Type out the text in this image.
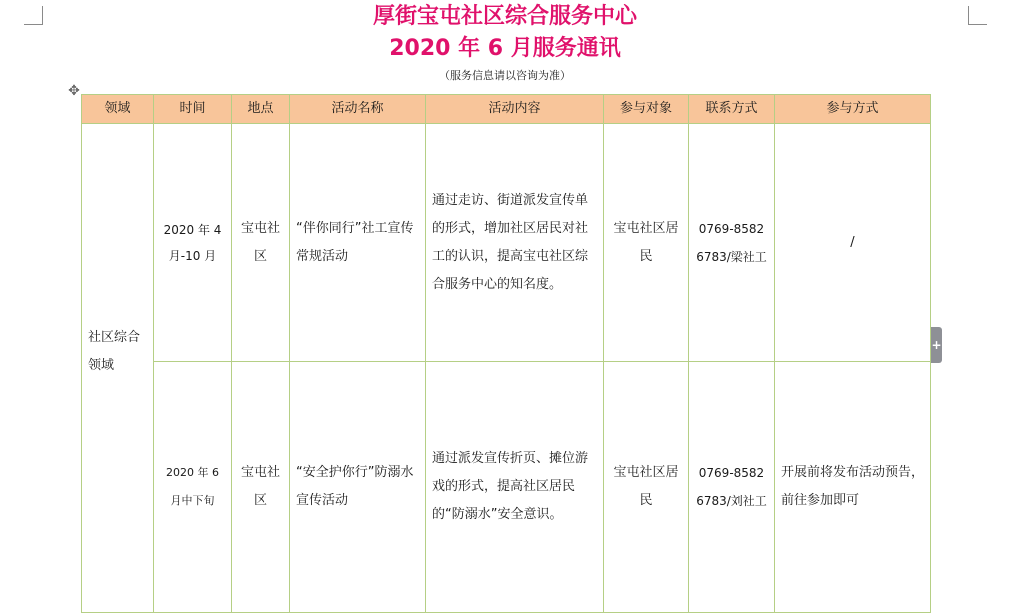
厚街宝屯社区综合服务中心
2020 年 6 月服务通讯
（服务信息请以咨询为准）
✥
领域	时间	地点	活动名称	活动内容	参与对象	联系方式	参与方式
社区综合领域	2020 年 4 月-10 月	宝屯社区	“伴你同行”社工宣传常规活动	通过走访、街道派发宣传单的形式，增加社区居民对社工的认识，提高宝屯社区综合服务中心的知名度。	宝屯社区居民	0769-85826783/梁社工	/
	2020 年 6 月中下旬	宝屯社区	“安全护你行”防溺水宣传活动	通过派发宣传折页、摊位游戏的形式，提高社区居民的“防溺水”安全意识。	宝屯社区居民	0769-85826783/刘社工	开展前将发布活动预告，前往参加即可
+
